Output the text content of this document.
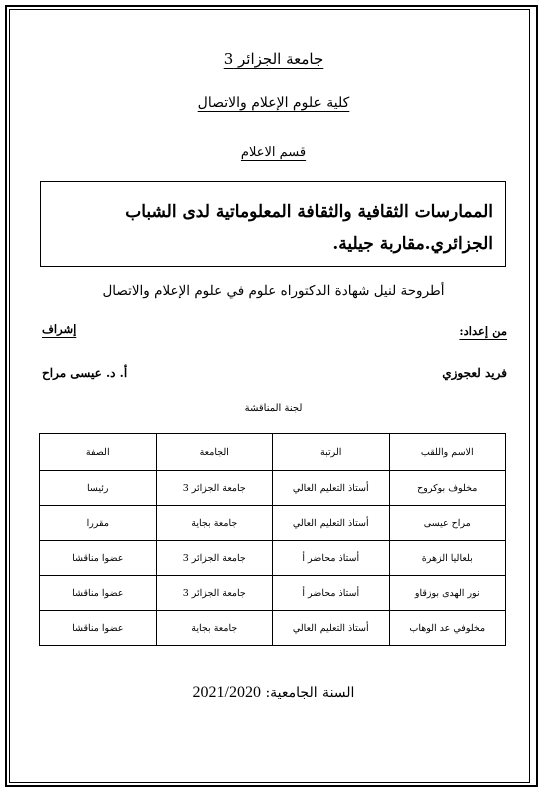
جامعة الجزائر 3
كلية علوم الإعلام والاتصال
قسم الاعلام
الممارسات الثقافية والثقافة المعلوماتية لدى الشباب الجزائري.مقاربة جيلية.
أطروحة لنيل شهادة الدكتوراه علوم في علوم الإعلام والاتصال
من إعداد:
إشراف
فريد لعجوزي
أ. د. عيسى مراح
لجنة المناقشة
الاسم واللقب	الرتبة	الجامعة	الصفة
مخلوف بوكروح	أستاذ التعليم العالي	جامعة الجزائر 3	رئيسا
مراح عيسى	أستاذ التعليم العالي	جامعة بجاية	مقررا
بلعاليا الزهرة	أستاذ محاضر أ	جامعة الجزائر 3	عضوا مناقشا
نور الهدى بوزقاو	أستاذ محاضر أ	جامعة الجزائر 3	عضوا مناقشا
مخلوفي عد الوهاب	أستاذ التعليم العالي	جامعة بجاية	عضوا مناقشا
السنة الجامعية: 2021/2020
